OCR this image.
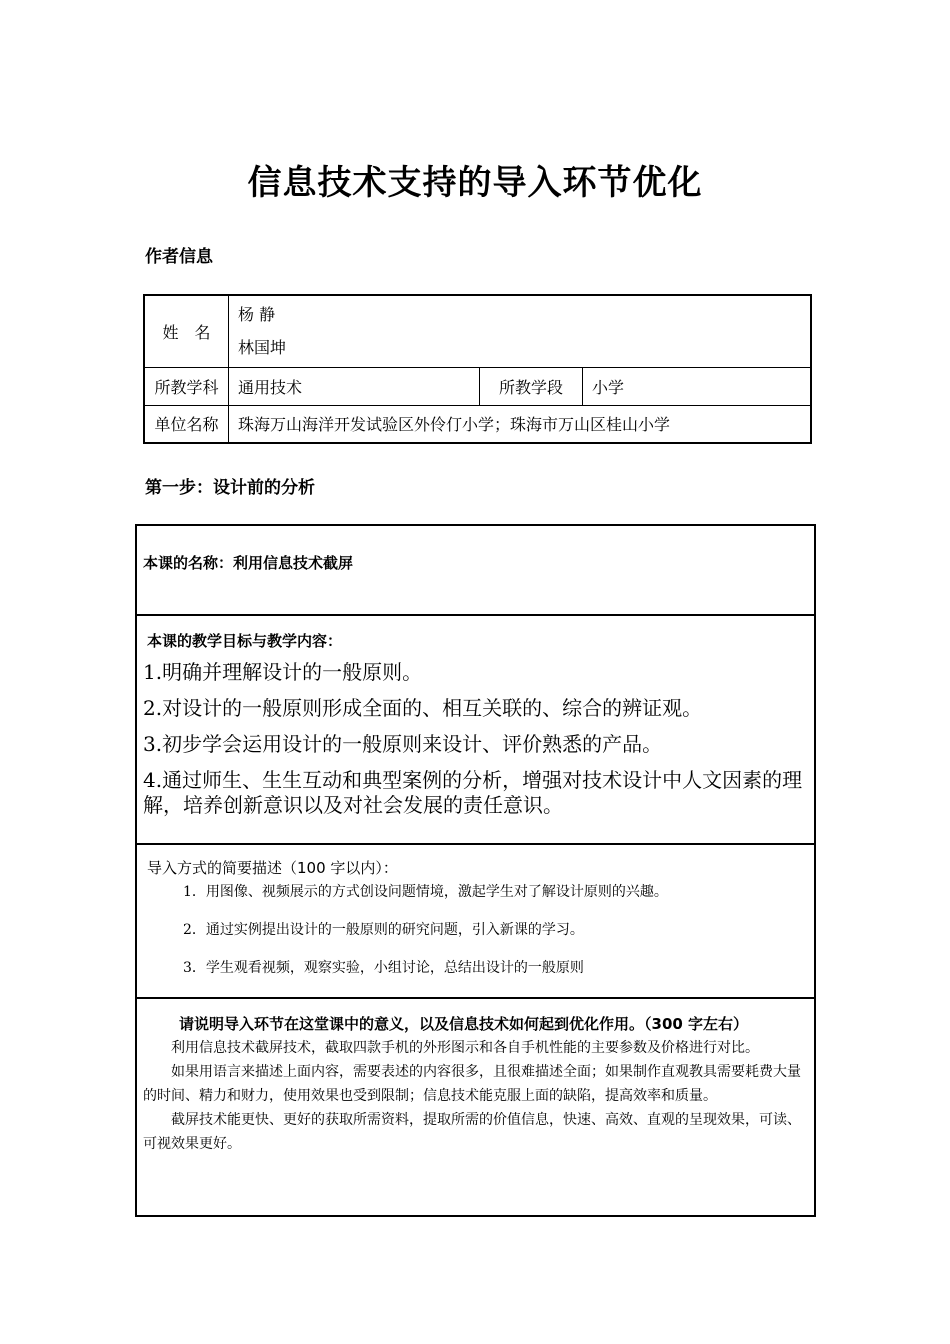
信息技术支持的导入环节优化
作者信息
姓　名	杨 静
林国坤		

所教学科	通用技术	所教学段	小学
单位名称	珠海万山海洋开发试验区外伶仃小学；珠海市万山区桂山小学		
第一步：设计前的分析
本课的名称：利用信息技术截屏
本课的教学目标与教学内容：

1.明确并理解设计的一般原则。

2.对设计的一般原则形成全面的、相互关联的、综合的辨证观。

3.初步学会运用设计的一般原则来设计、评价熟悉的产品。

4.通过师生、生生互动和典型案例的分析，增强对技术设计中人文因素的理解，培养创新意识以及对社会发展的责任意识。

导入方式的简要描述（100 字以内）：
1．用图像、视频展示的方式创设问题情境，激起学生对了解设计原则的兴趣。
2．通过实例提出设计的一般原则的研究问题，引入新课的学习。
3．学生观看视频，观察实验，小组讨论，总结出设计的一般原则
请说明导入环节在这堂课中的意义，以及信息技术如何起到优化作用。（300 字左右）

利用信息技术截屏技术，截取四款手机的外形图示和各自手机性能的主要参数及价格进行对比。

如果用语言来描述上面内容，需要表述的内容很多，且很难描述全面；如果制作直观教具需要耗费大量的时间、精力和财力，使用效果也受到限制；信息技术能克服上面的缺陷，提高效率和质量。

截屏技术能更快、更好的获取所需资料，提取所需的价值信息，快速、高效、直观的呈现效果，可读、可视效果更好。
